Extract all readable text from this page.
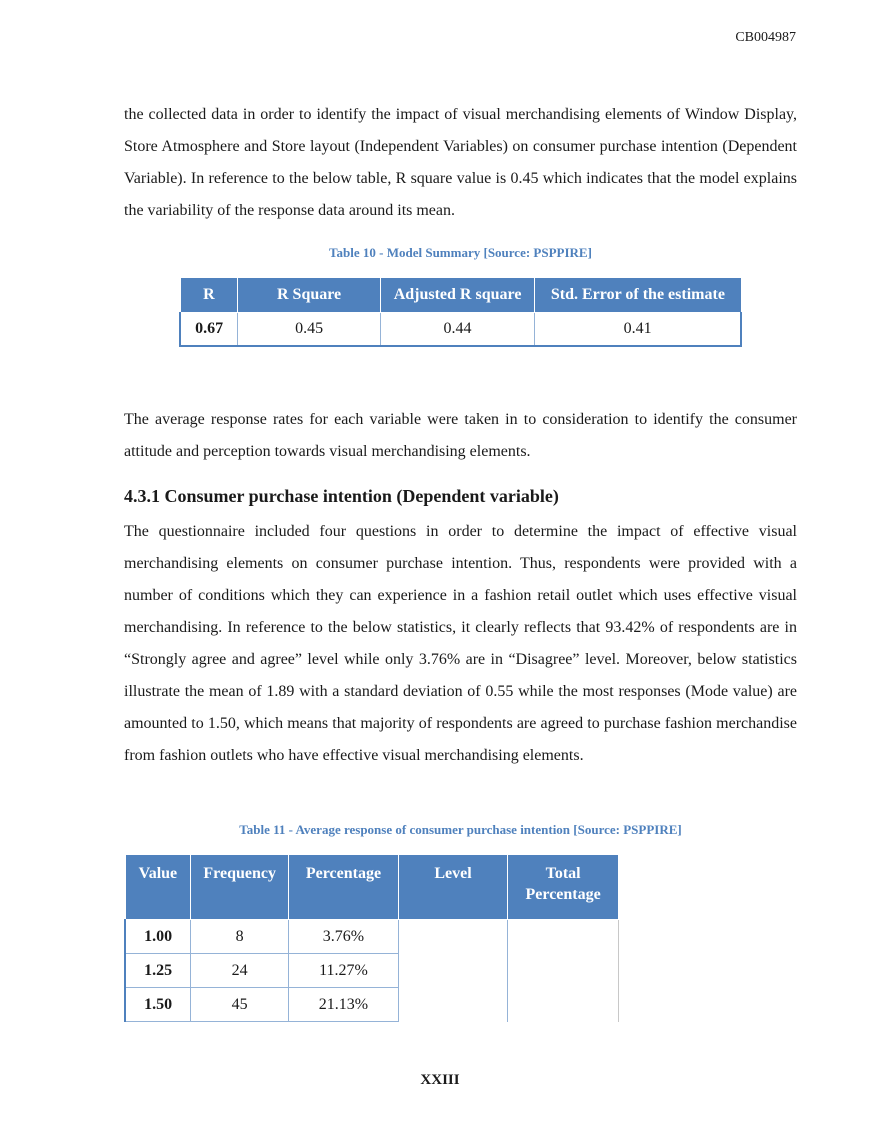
CB004987

the collected data in order to identify the impact of visual merchandising elements of Window Display, Store Atmosphere and Store layout (Independent Variables) on consumer purchase intention (Dependent Variable). In reference to the below table, R square value is 0.45 which indicates that the model explains the variability of the response data around its mean.

Table 10 - Model Summary [Source: PSPPIRE]
R	R Square	Adjusted R square	Std. Error of the estimate
0.67	0.45	0.44	0.41

The average response rates for each variable were taken in to consideration to identify the consumer attitude and perception towards visual merchandising elements.

4.3.1 Consumer purchase intention (Dependent variable)

The questionnaire included four questions in order to determine the impact of effective visual merchandising elements on consumer purchase intention. Thus, respondents were provided with a number of conditions which they can experience in a fashion retail outlet which uses effective visual merchandising. In reference to the below statistics, it clearly reflects that 93.42% of respondents are in “Strongly agree and agree” level while only 3.76% are in “Disagree” level. Moreover, below statistics illustrate the mean of 1.89 with a standard deviation of 0.55 while the most responses (Mode value) are amounted to 1.50, which means that majority of respondents are agreed to purchase fashion merchandise from fashion outlets who have effective visual merchandising elements.

Table 11 - Average response of consumer purchase intention [Source: PSPPIRE]
Value	Frequency	Percentage	Level	Total Percentage
1.00	8	3.76%		
1.25	24	11.27%		
1.50	45	21.13%		
XXIII
